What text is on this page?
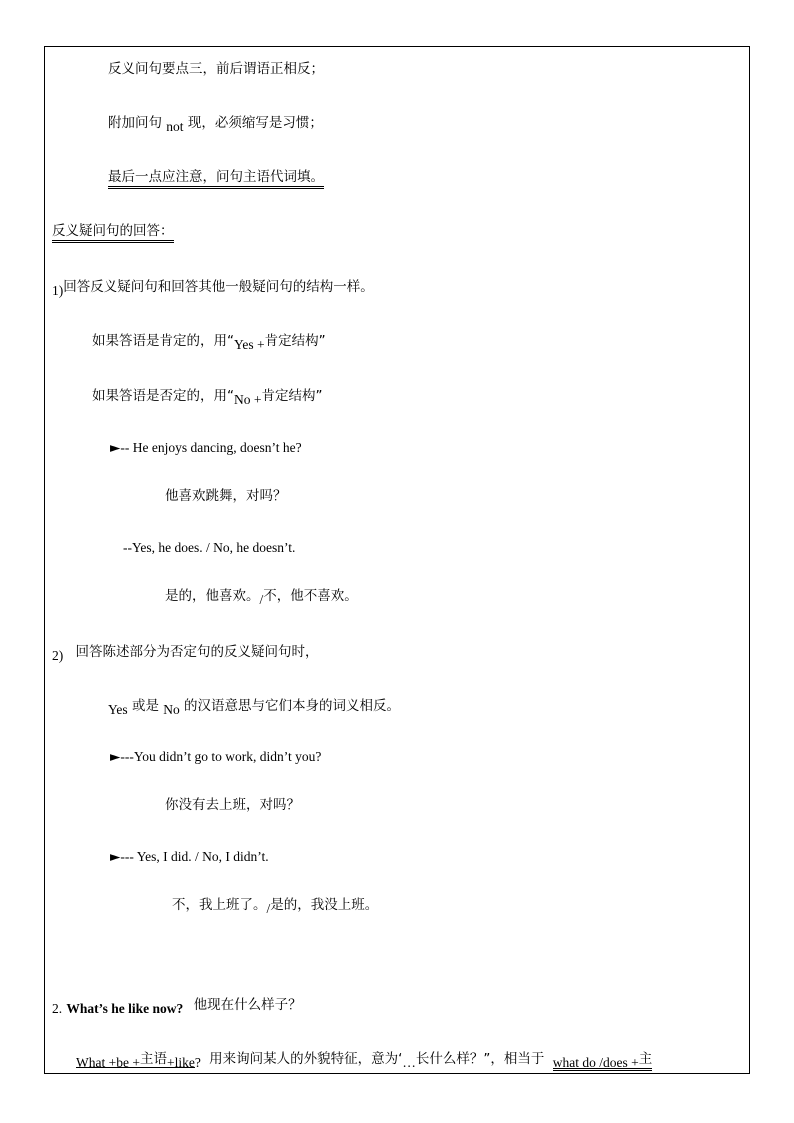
反义问句要点三，前后谓语正相反；
附加问句 not 现，必须缩写是习惯；
最后一点应注意，问句主语代词填。
反义疑问句的回答：
1)回答反义疑问句和回答其他一般疑问句的结构一样。
如果答语是肯定的，用“Yes +肯定结构”
如果答语是否定的，用“No +肯定结构”
►-- He enjoys dancing, doesn’t he?
他喜欢跳舞，对吗？
--Yes, he does. / No, he doesn’t.
是的，他喜欢。/不，他不喜欢。
2) 回答陈述部分为否定句的反义疑问句时，
Yes 或是 No 的汉语意思与它们本身的词义相反。
►---You didn’t go to work, didn’t you?
你没有去上班，对吗？
►--- Yes, I did. / No, I didn’t.
不，我上班了。/是的，我没上班。
2. What’s he like now? 他现在什么样子？
What +be +主语+like? 用来询问某人的外貌特征，意为‘…长什么样？”，相当于 what do /does +主
